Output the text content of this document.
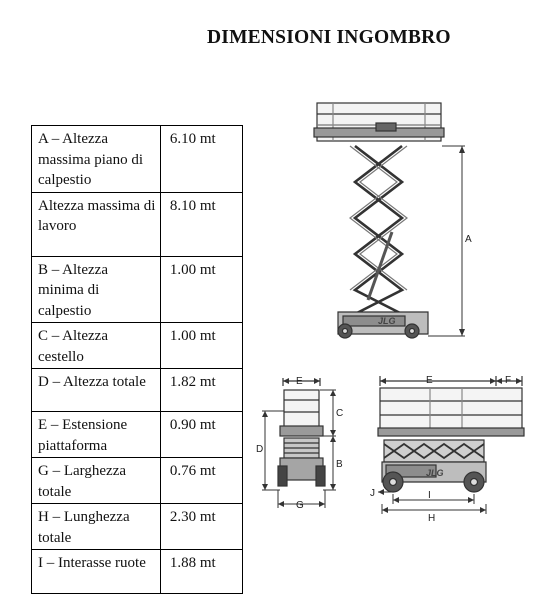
DIMENSIONI INGOMBRO
A – Altezza massima piano di calpestio	6.10 mt
Altezza massima di lavoro	8.10 mt
B – Altezza minima di calpestio	1.00 mt
C – Altezza cestello	1.00 mt
D – Altezza totale	1.82 mt
E – Estensione piattaforma	0.90 mt
G – Larghezza totale	0.76 mt
H – Lunghezza totale	2.30 mt
I – Interasse ruote	1.88 mt
A
JLG
E
C
B
D
G
E	F
JLG
J	I
H
